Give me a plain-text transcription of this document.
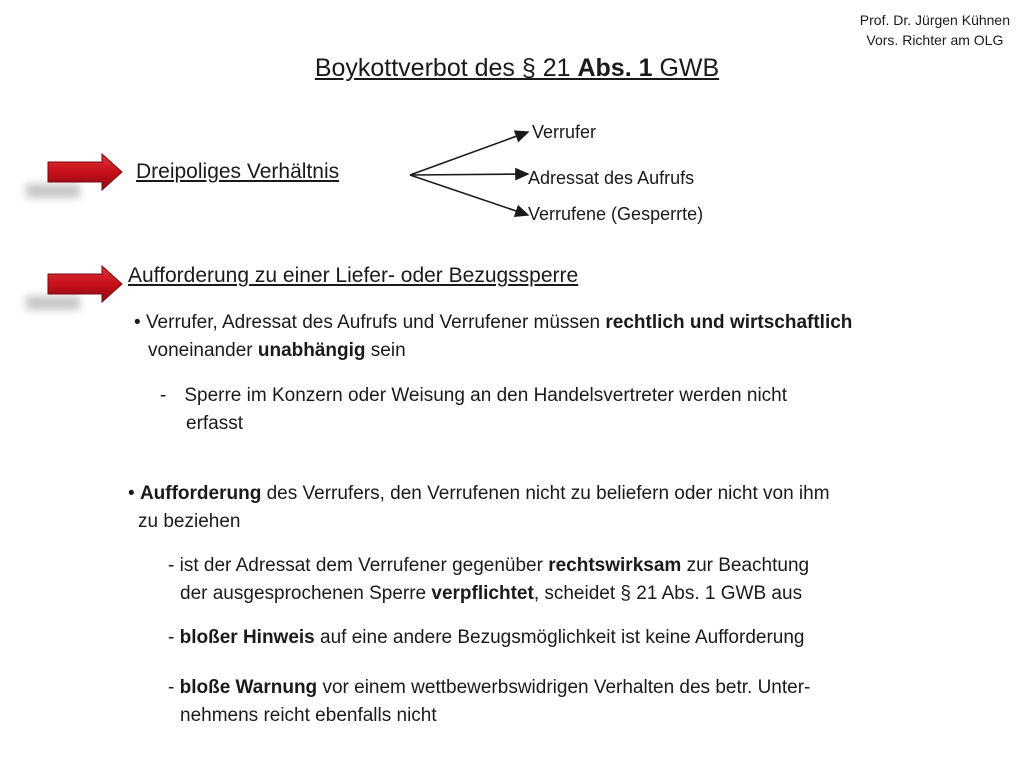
Prof. Dr. Jürgen Kühnen
Vors. Richter am OLG
Boykottverbot des § 21 Abs. 1 GWB
Dreipoliges Verhältnis
Verrufer
Adressat des Aufrufs
Verrufene (Gesperrte)
Aufforderung zu einer Liefer- oder Bezugssperre
• Verrufer, Adressat des Aufrufs und Verrufener müssen rechtlich und wirtschaftlich
voneinander unabhängig sein
- Sperre im Konzern oder Weisung an den Handelsvertreter werden nicht
erfasst
• Aufforderung des Verrufers, den Verrufenen nicht zu beliefern oder nicht von ihm
zu beziehen
- ist der Adressat dem Verrufener gegenüber rechtswirksam zur Beachtung
der ausgesprochenen Sperre verpflichtet, scheidet § 21 Abs. 1 GWB aus
- bloßer Hinweis auf eine andere Bezugsmöglichkeit ist keine Aufforderung
- bloße Warnung vor einem wettbewerbswidrigen Verhalten des betr. Unter-
nehmens reicht ebenfalls nicht
